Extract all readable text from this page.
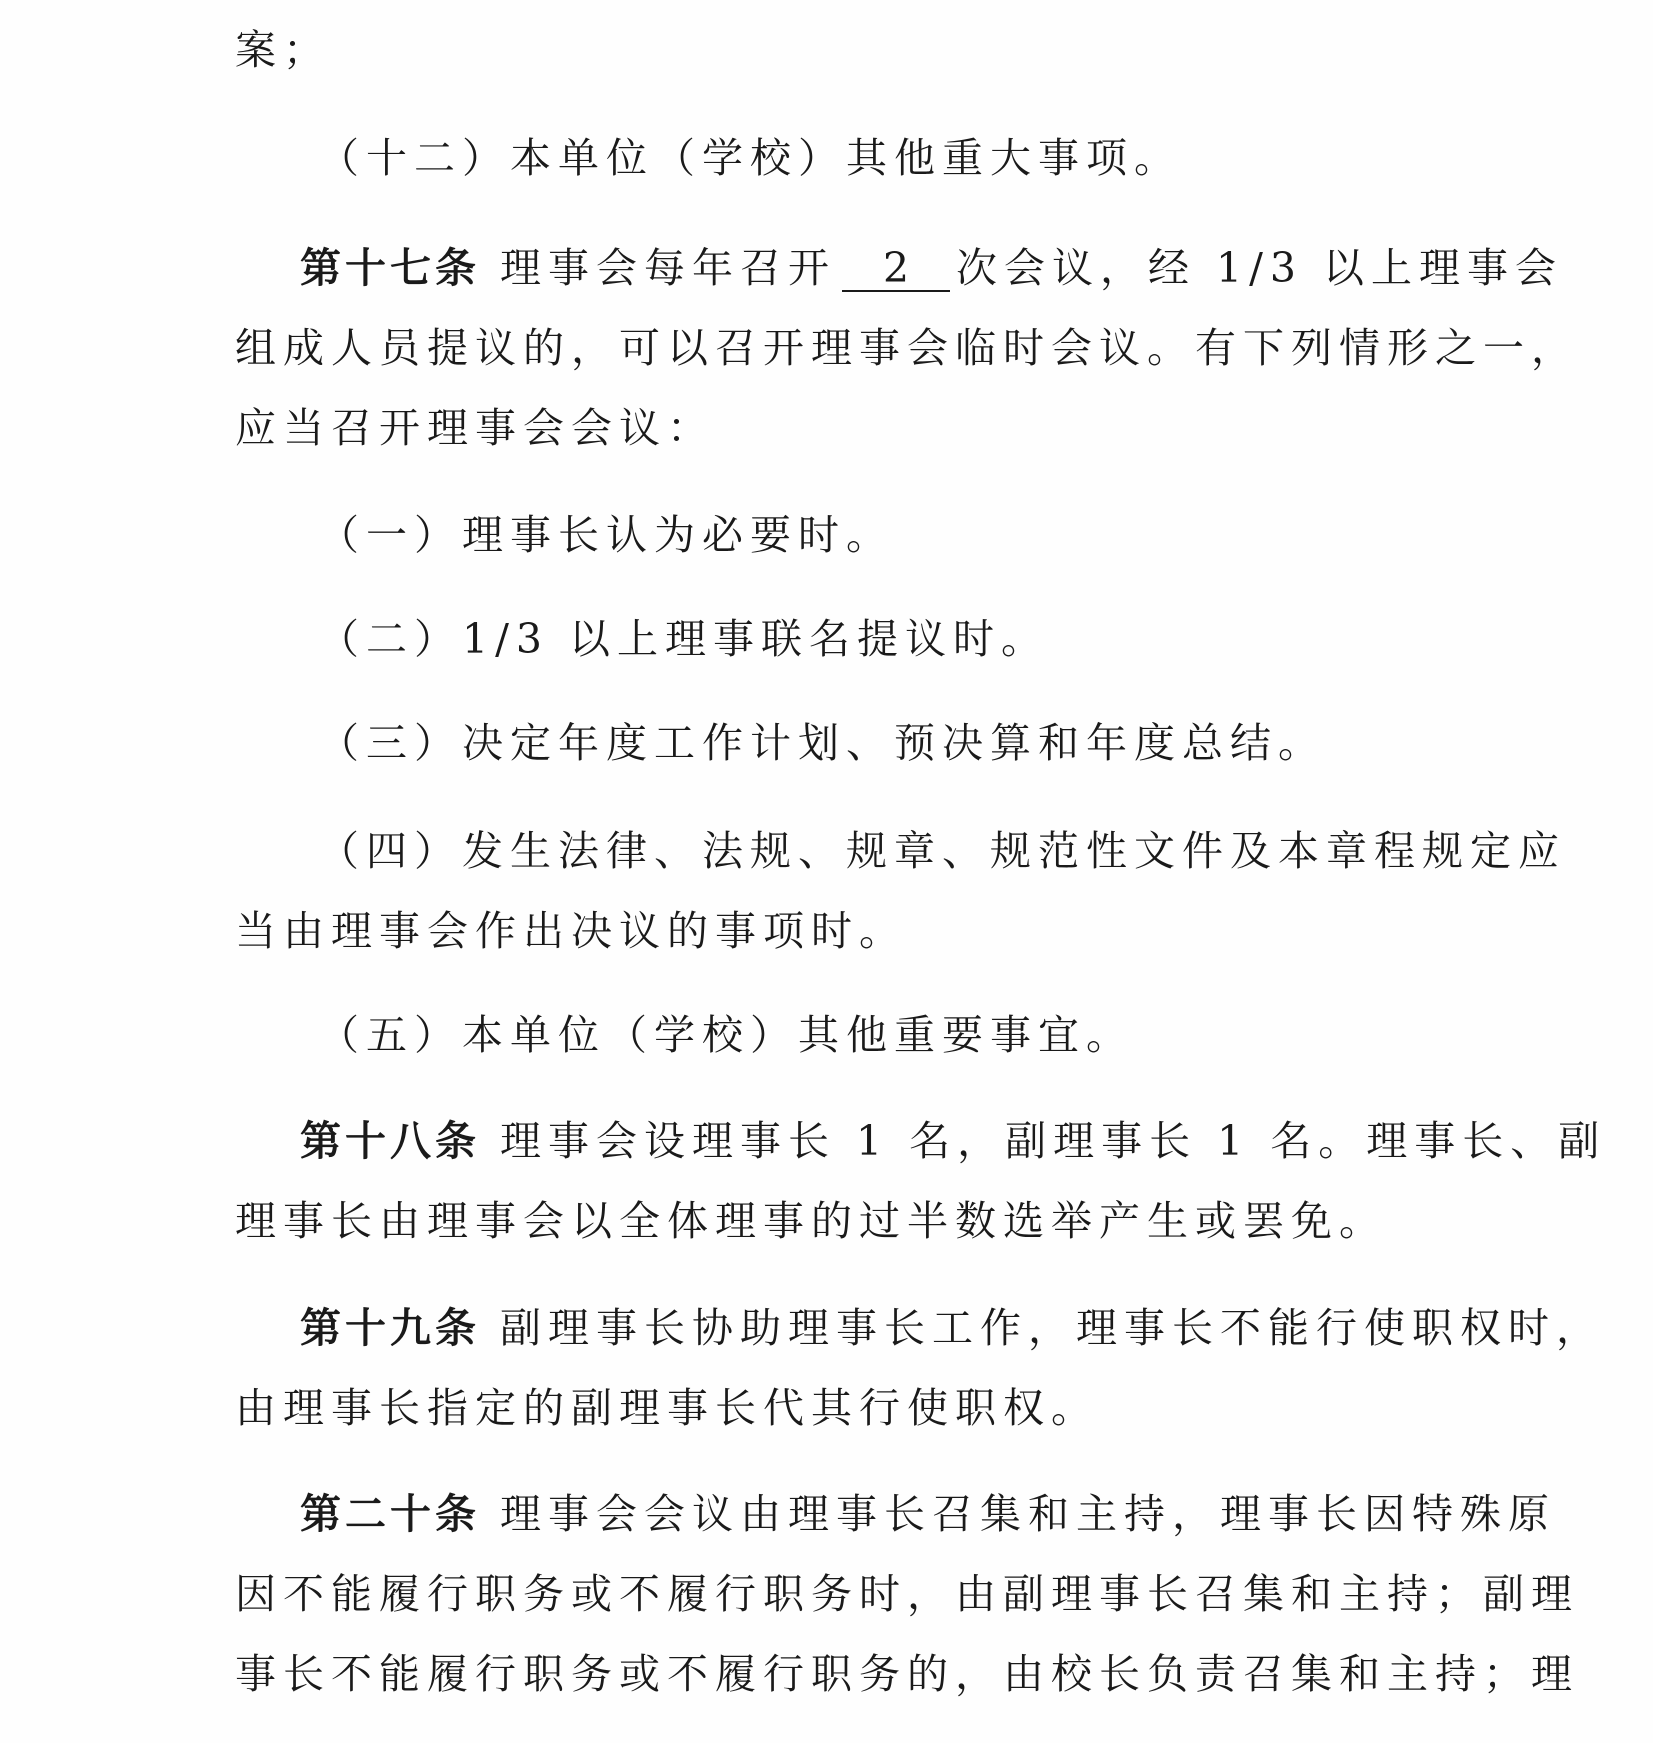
案；

（十二）本单位（学校）其他重大事项。

第十七条 理事会每年召开 2 次会议，经 1/3 以上理事会

组成人员提议的，可以召开理事会临时会议。有下列情形之一，

应当召开理事会会议：

（一）理事长认为必要时。

（二）1/3 以上理事联名提议时。

（三）决定年度工作计划、预决算和年度总结。

（四）发生法律、法规、规章、规范性文件及本章程规定应

当由理事会作出决议的事项时。

（五）本单位（学校）其他重要事宜。

第十八条 理事会设理事长 1 名，副理事长 1 名。理事长、副

理事长由理事会以全体理事的过半数选举产生或罢免。

第十九条 副理事长协助理事长工作，理事长不能行使职权时，

由理事长指定的副理事长代其行使职权。

第二十条 理事会会议由理事长召集和主持，理事长因特殊原

因不能履行职务或不履行职务时，由副理事长召集和主持；副理

事长不能履行职务或不履行职务的，由校长负责召集和主持；理
